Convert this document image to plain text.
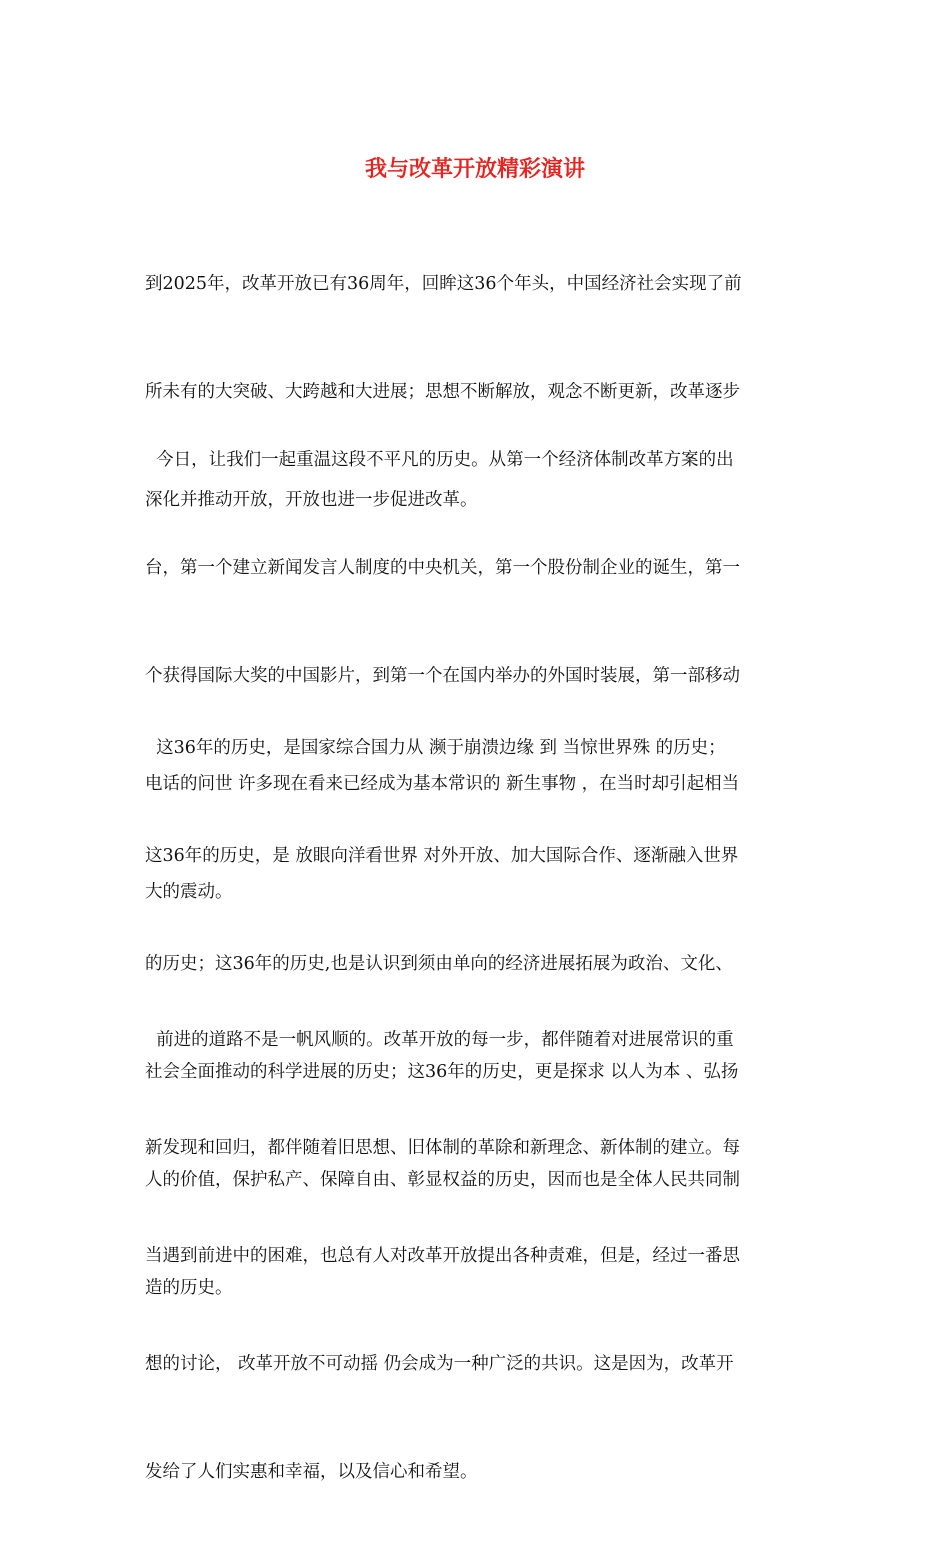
我与改革开放精彩演讲

到2025年，改革开放已有36周年，回眸这36个年头，中国经济社会实现了前

所未有的大突破、大跨越和大进展；思想不断解放，观念不断更新，改革逐步

深化并推动开放，开放也进一步促进改革。

今日，让我们一起重温这段不平凡的历史。从第一个经济体制改革方案的出

台，第一个建立新闻发言人制度的中央机关，第一个股份制企业的诞生，第一

个获得国际大奖的中国影片，到第一个在国内举办的外国时装展，第一部移动

电话的问世 许多现在看来已经成为基本常识的 新生事物 ，在当时却引起相当

大的震动。

这36年的历史，是国家综合国力从 濒于崩溃边缘 到 当惊世界殊 的历史；

这36年的历史，是 放眼向洋看世界 对外开放、加大国际合作、逐渐融入世界

的历史；这36年的历史,也是认识到须由单向的经济进展拓展为政治、文化、

社会全面推动的科学进展的历史；这36年的历史，更是探求 以人为本 、弘扬

人的价值，保护私产、保障自由、彰显权益的历史，因而也是全体人民共同制

造的历史。

前进的道路不是一帆风顺的。改革开放的每一步，都伴随着对进展常识的重

新发现和回归，都伴随着旧思想、旧体制的革除和新理念、新体制的建立。每

当遇到前进中的困难，也总有人对改革开放提出各种责难，但是，经过一番思

想的讨论， 改革开放不可动摇 仍会成为一种广泛的共识。这是因为，改革开

发给了人们实惠和幸福，以及信心和希望。
